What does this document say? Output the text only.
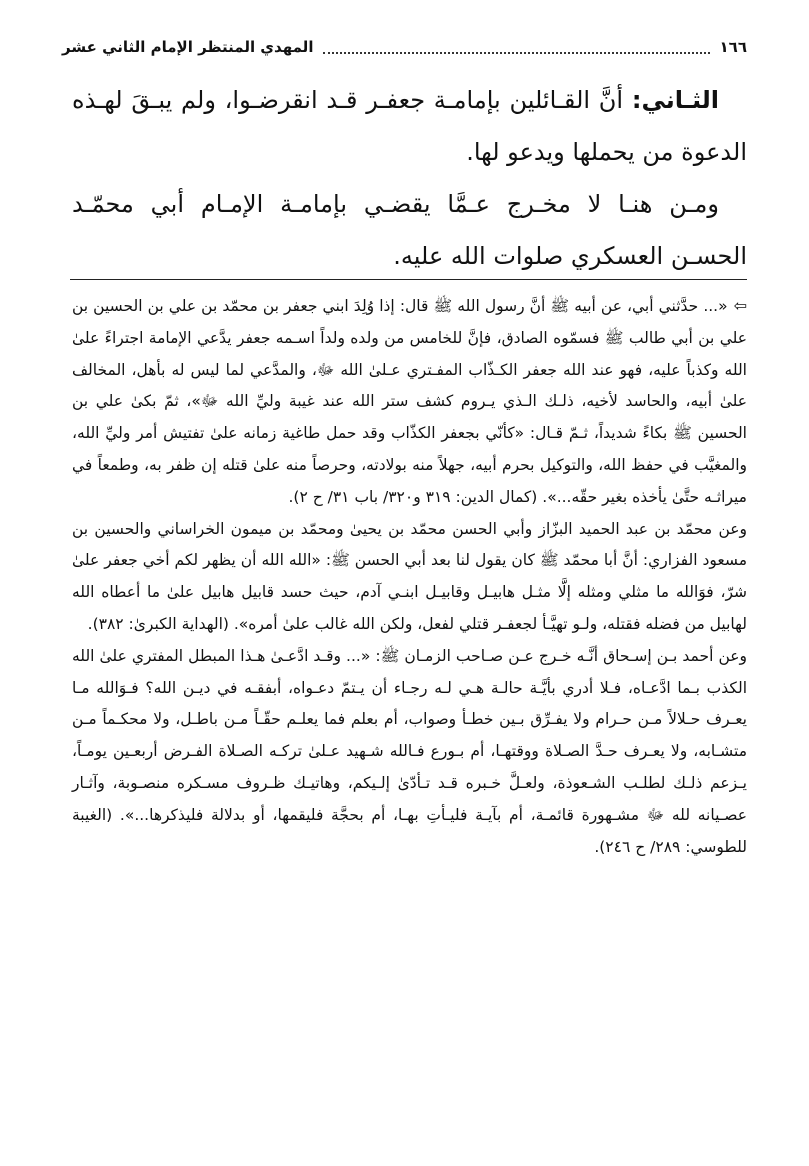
١٦٦
المهدي المنتظر الإمام الثاني عشر

الثـاني: أنَّ القـائلين بإمامـة جعفـر قـد انقرضـوا، ولم يبـقَ لهـذه الدعوة من يحملها ويدعو لها.

ومـن هنـا لا مخـرج عـمَّا يقضـي بإمامـة الإمـام أبي محمّـد الحسـن العسكري صلوات الله عليه.

⇦«... حدَّثني أبي، عن أبيه ﷺ أنَّ رسول الله ﷺ قال: إذا وُلِدَ ابني جعفر بن محمّد بن علي بن الحسين بن علي بن أبي طالب ﷺ فسمّوه الصادق، فإنَّ للخامس من ولده ولداً اسـمه جعفر يدَّعي الإمامة اجتراءً علىٰ الله وكذباً عليه، فهو عند الله جعفر الكـذّاب المفـتري عـلىٰ الله ﷻ، والمدَّعي لما ليس له بأهل، المخالف علىٰ أبيه، والحاسد لأخيه، ذلـك الـذي يـروم كشف ستر الله عند غيبة وليِّ الله ﷻ»، ثمّ بكىٰ علي بن الحسين ﷺ بكاءً شديداً، ثـمّ قـال: «كأنّي بجعفر الكذّاب وقد حمل طاغية زمانه علىٰ تفتيش أمر وليِّ الله، والمغيَّب في حفظ الله، والتوكيل بحرم أبيه، جهلاً منه بولادته، وحرصاً منه علىٰ قتله إن ظفر به، وطمعاً في ميراثـه حتَّىٰ يأخذه بغير حقّه...». (كمال الدين: ٣١٩ و٣٢٠/ باب ٣١/ ح ٢).

وعن محمّد بن عبد الحميد البزّاز وأبي الحسن محمّد بن يحيىٰ ومحمّد بن ميمون الخراساني والحسين بن مسعود الفزاري: أنَّ أبا محمّد ﷺ كان يقول لنا بعد أبي الحسن ﷺ: «الله الله أن يظهر لكم أخي جعفر علىٰ شرّ، فوَالله ما مثلي ومثله إلَّا مثـل هابيـل وقابيـل ابنـي آدم، حيث حسد قابيل هابيل علىٰ ما أعطاه الله لهابيل من فضله فقتله، ولـو تهيَّـأ لجعفـر قتلي لفعل، ولكن الله غالب علىٰ أمره». (الهداية الكبرىٰ: ٣٨٢).

وعن أحمد بـن إسـحاق أنَّـه خـرج عـن صـاحب الزمـان ﷺ: «... وقـد ادَّعـىٰ هـذا المبطل المفتري علىٰ الله الكذب بـما ادَّعـاه، فـلا أدري بأيَّـة حالـة هـي لـه رجـاء أن يـتمّ دعـواه، أبفقـه في ديـن الله؟ فـوَالله مـا يعـرف حـلالاً مـن حـرام ولا يفـرِّق بـين خطـأ وصواب، أم بعلم فما يعلـم حقّـاً مـن باطـل، ولا محكـماً مـن متشـابه، ولا يعـرف حـدَّ الصـلاة ووقتهـا، أم بـورع فـالله شـهيد عـلىٰ تركـه الصـلاة الفـرض أربعـين يومـاً، يـزعم ذلـك لطلـب الشـعوذة، ولعـلَّ خـبره قـد تـأدّىٰ إلـيكم، وهاتيـك ظـروف مسـكره منصـوبة، وآثـار عصـيانه لله ﷻ مشـهورة قائمـة، أم بآيـة فليـأتِ بهـا، أم بحجَّة فليقمها، أو بدلالة فليذكرها...». (الغيبة للطوسي: ٢٨٩/ ح ٢٤٦).
